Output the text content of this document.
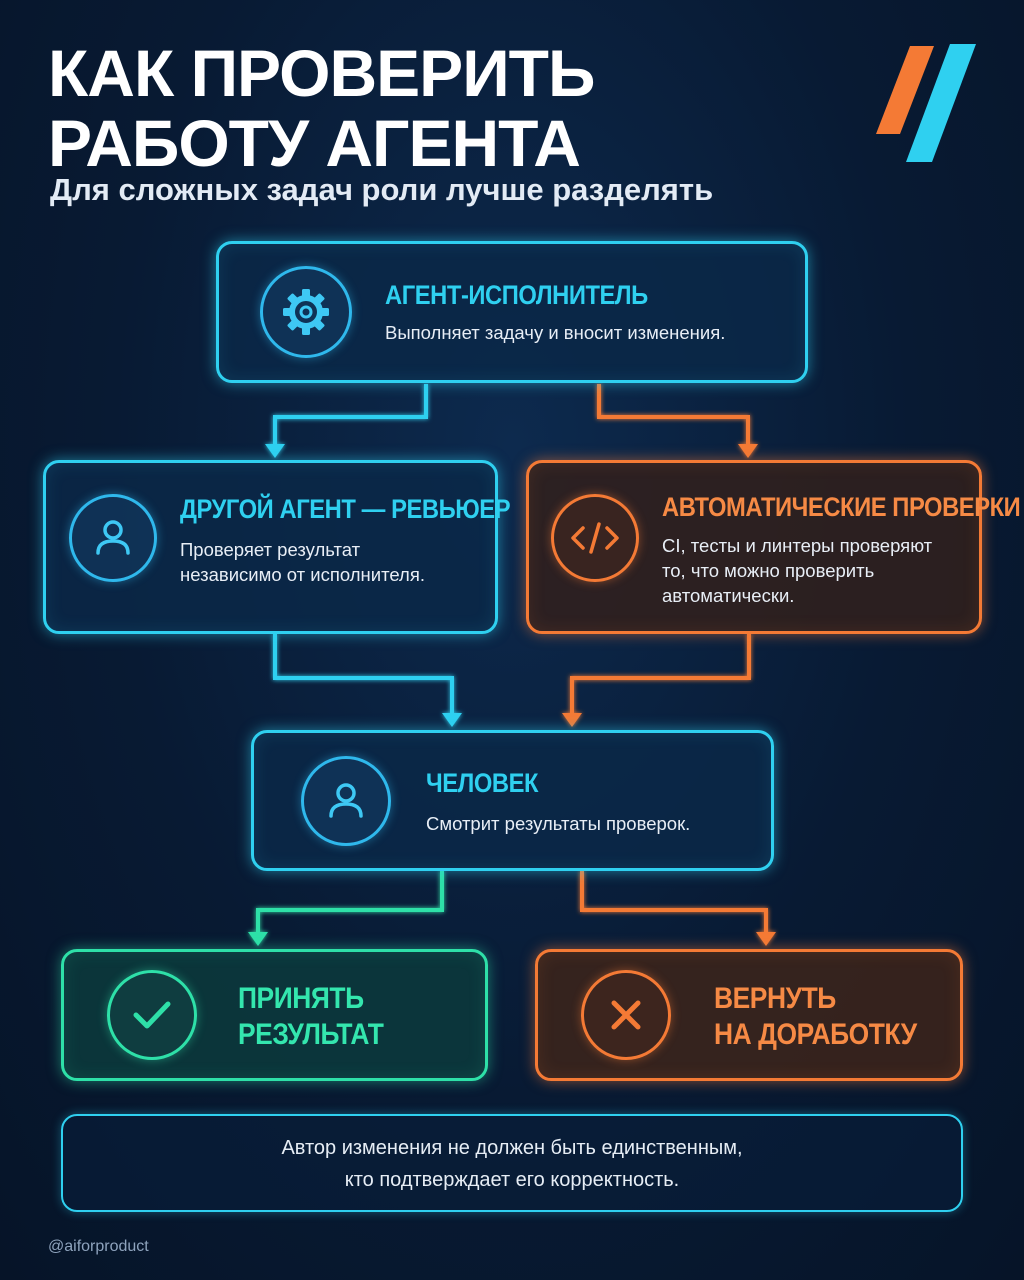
КАК ПРОВЕРИТЬ
РАБОТУ АГЕНТА
Для сложных задач роли лучше разделять
АГЕНТ-ИСПОЛНИТЕЛЬ
Выполняет задачу и вносит изменения.
ДРУГОЙ АГЕНТ — РЕВЬЮЕР
Проверяет результат
независимо от исполнителя.
АВТОМАТИЧЕСКИЕ ПРОВЕРКИ
CI, тесты и линтеры проверяют
то, что можно проверить
автоматически.
ЧЕЛОВЕК
Смотрит результаты проверок.
ПРИНЯТЬ
РЕЗУЛЬТАТ
ВЕРНУТЬ
НА ДОРАБОТКУ
Автор изменения не должен быть единственным,
кто подтверждает его корректность.
@aiforproduct
